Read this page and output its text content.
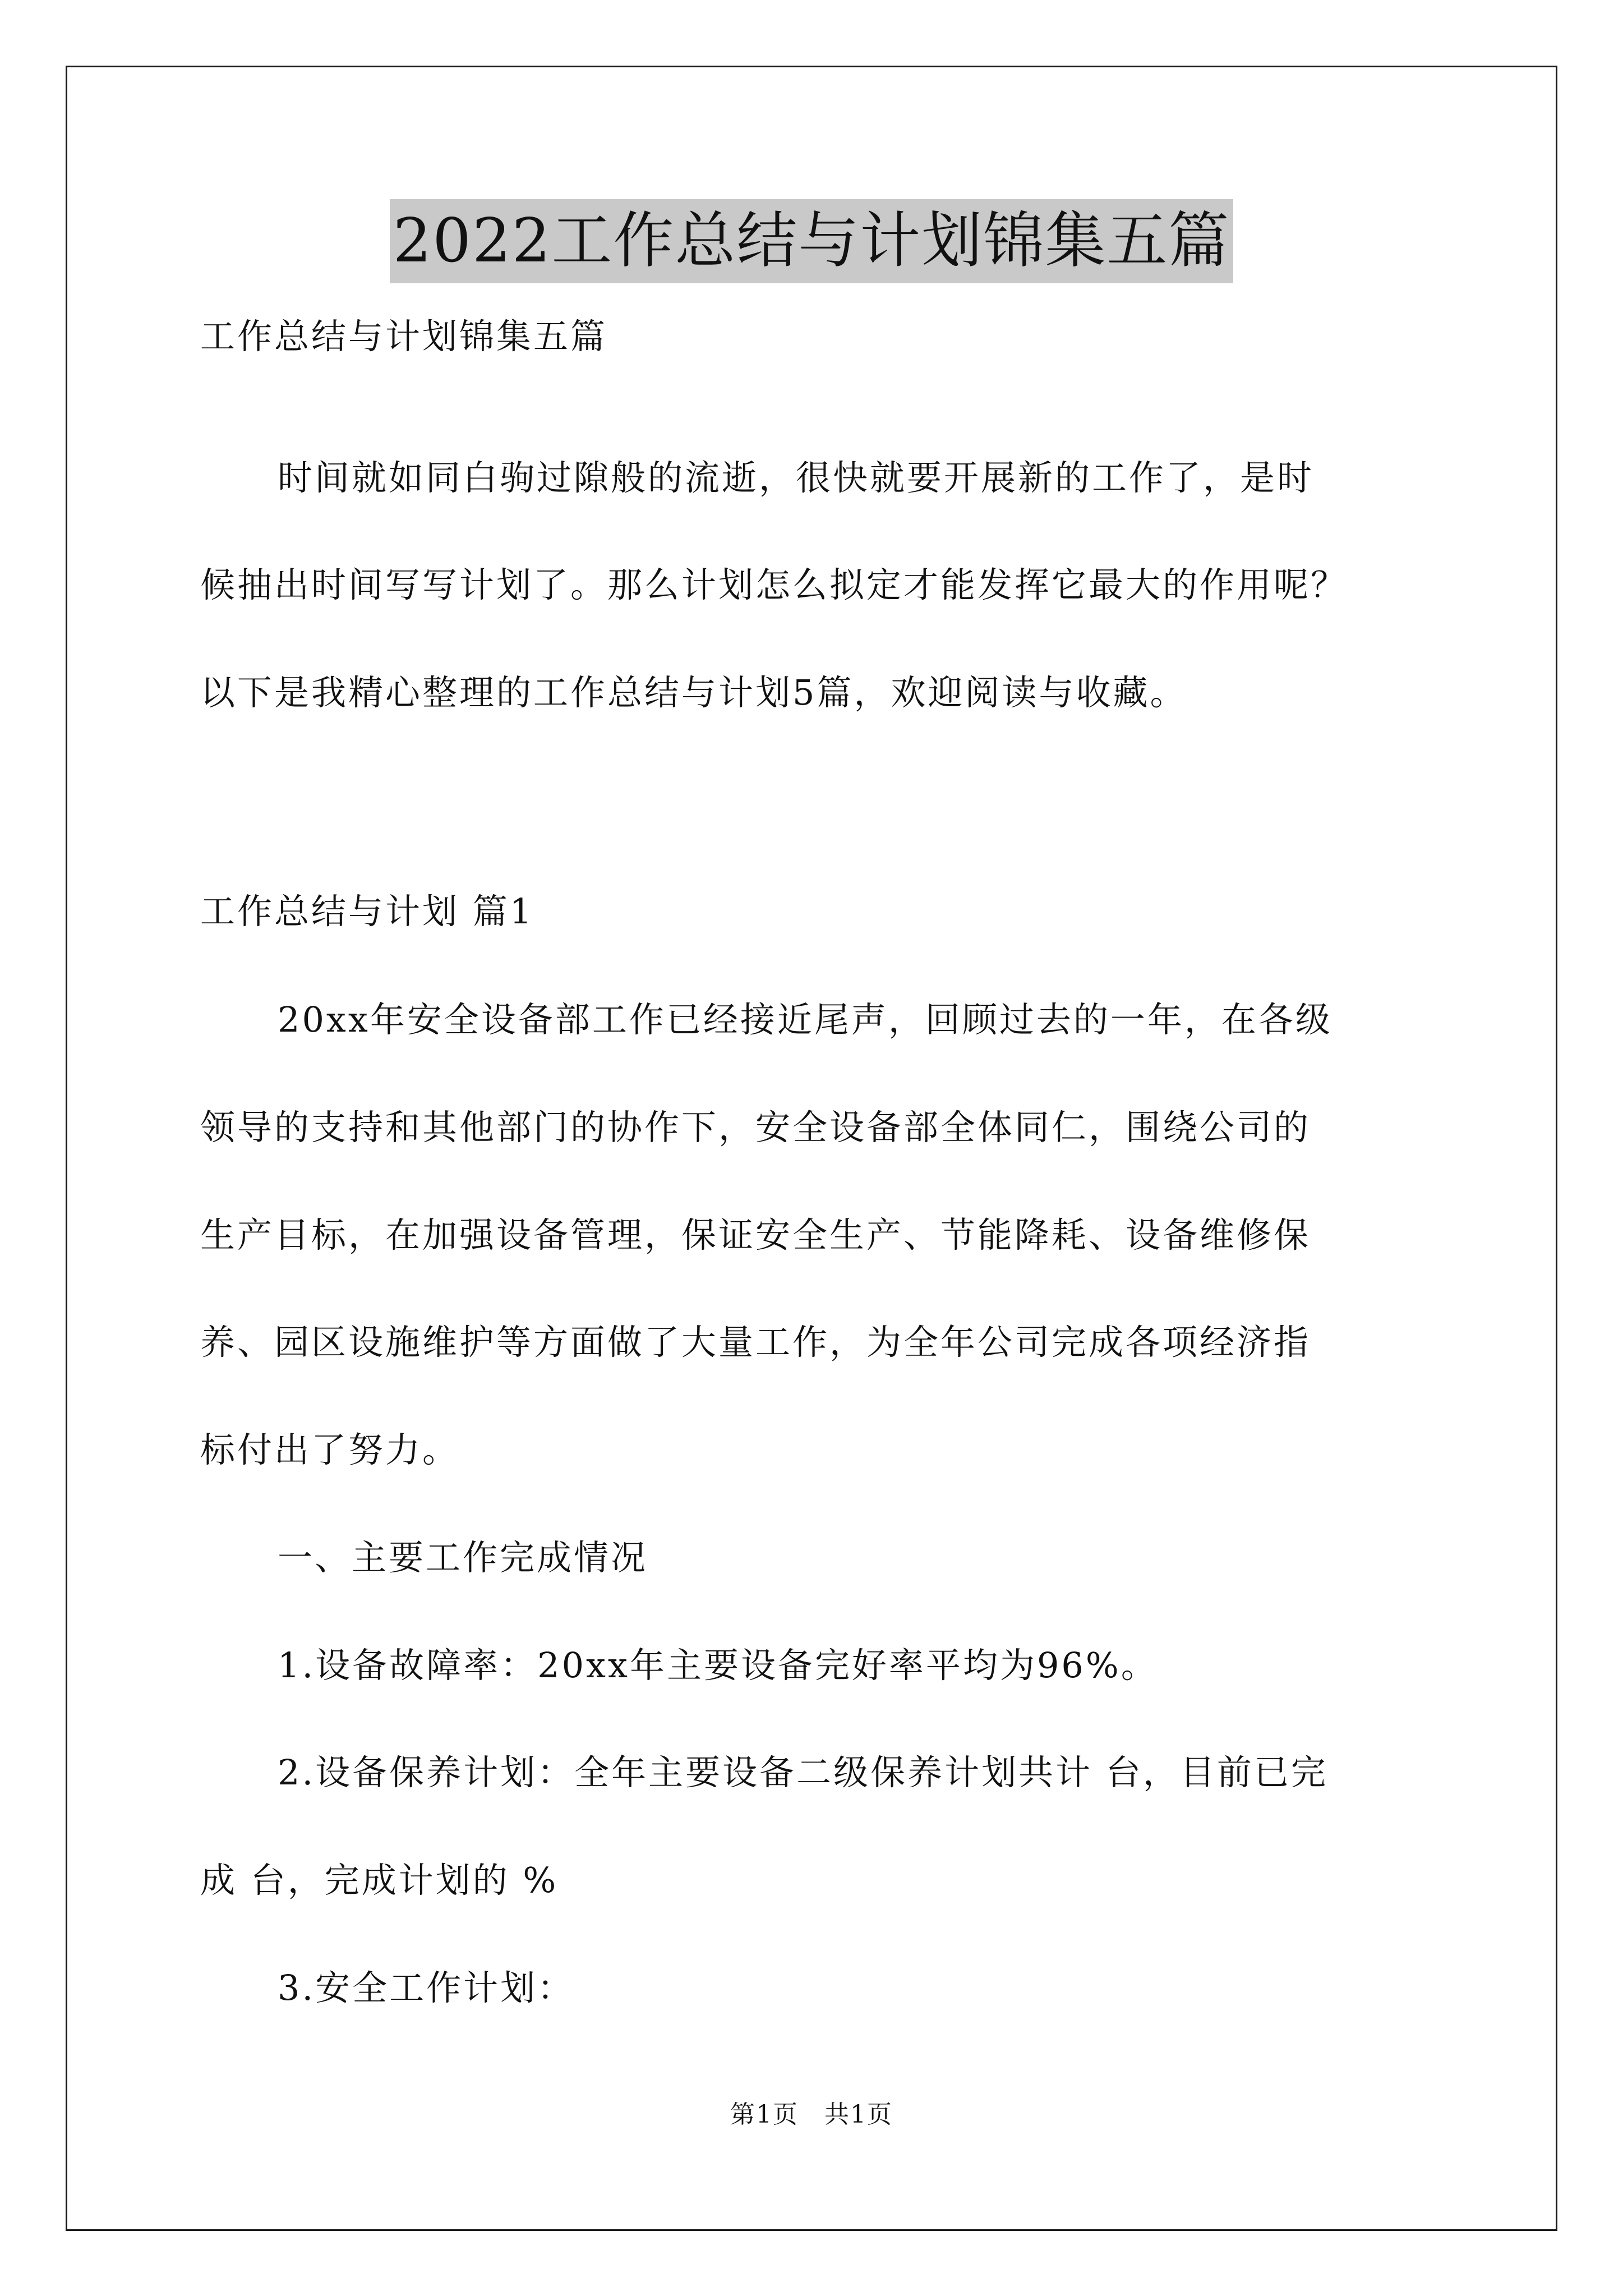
2022工作总结与计划锦集五篇
工作总结与计划锦集五篇
时间就如同白驹过隙般的流逝，很快就要开展新的工作了，是时
候抽出时间写写计划了。那么计划怎么拟定才能发挥它最大的作用呢？
以下是我精心整理的工作总结与计划5篇，欢迎阅读与收藏。
工作总结与计划 篇1
20xx年安全设备部工作已经接近尾声，回顾过去的一年，在各级
领导的支持和其他部门的协作下，安全设备部全体同仁，围绕公司的
生产目标，在加强设备管理，保证安全生产、节能降耗、设备维修保
养、园区设施维护等方面做了大量工作，为全年公司完成各项经济指
标付出了努力。
一、主要工作完成情况
1.设备故障率：20xx年主要设备完好率平均为96%。
2.设备保养计划：全年主要设备二级保养计划共计 台，目前已完
成 台，完成计划的 %
3.安全工作计划：
第1页　共1页
